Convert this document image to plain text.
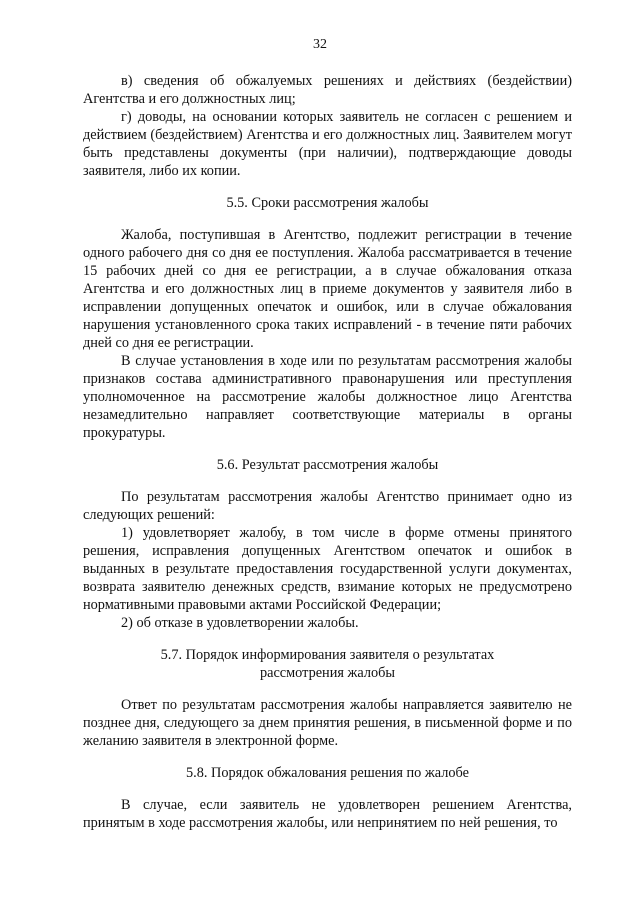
32

в) сведения об обжалуемых решениях и действиях (бездействии) Агентства и его должностных лиц;

г) доводы, на основании которых заявитель не согласен с решением и действием (бездействием) Агентства и его должностных лиц. Заявителем могут быть представлены документы (при наличии), подтверждающие доводы заявителя, либо их копии.

5.5. Сроки рассмотрения жалобы

Жалоба, поступившая в Агентство, подлежит регистрации в течение одного рабочего дня со дня ее поступления. Жалоба рассматривается в течение 15 рабочих дней со дня ее регистрации, а в случае обжалования отказа Агентства и его должностных лиц в приеме документов у заявителя либо в исправлении допущенных опечаток и ошибок, или в случае обжалования нарушения установленного срока таких исправлений - в течение пяти рабочих дней со дня ее регистрации.

В случае установления в ходе или по результатам рассмотрения жалобы признаков состава административного правонарушения или преступления уполномоченное на рассмотрение жалобы должностное лицо Агентства незамедлительно направляет соответствующие материалы в органы прокуратуры.

5.6. Результат рассмотрения жалобы

По результатам рассмотрения жалобы Агентство принимает одно из следующих решений:

1) удовлетворяет жалобу, в том числе в форме отмены принятого решения, исправления допущенных Агентством опечаток и ошибок в выданных в результате предоставления государственной услуги документах, возврата заявителю денежных средств, взимание которых не предусмотрено нормативными правовыми актами Российской Федерации;

2) об отказе в удовлетворении жалобы.

5.7. Порядок информирования заявителя о результатах
рассмотрения жалобы

Ответ по результатам рассмотрения жалобы направляется заявителю не позднее дня, следующего за днем принятия решения, в письменной форме и по желанию заявителя в электронной форме.

5.8. Порядок обжалования решения по жалобе

В случае, если заявитель не удовлетворен решением Агентства, принятым в ходе рассмотрения жалобы, или непринятием по ней решения, то
